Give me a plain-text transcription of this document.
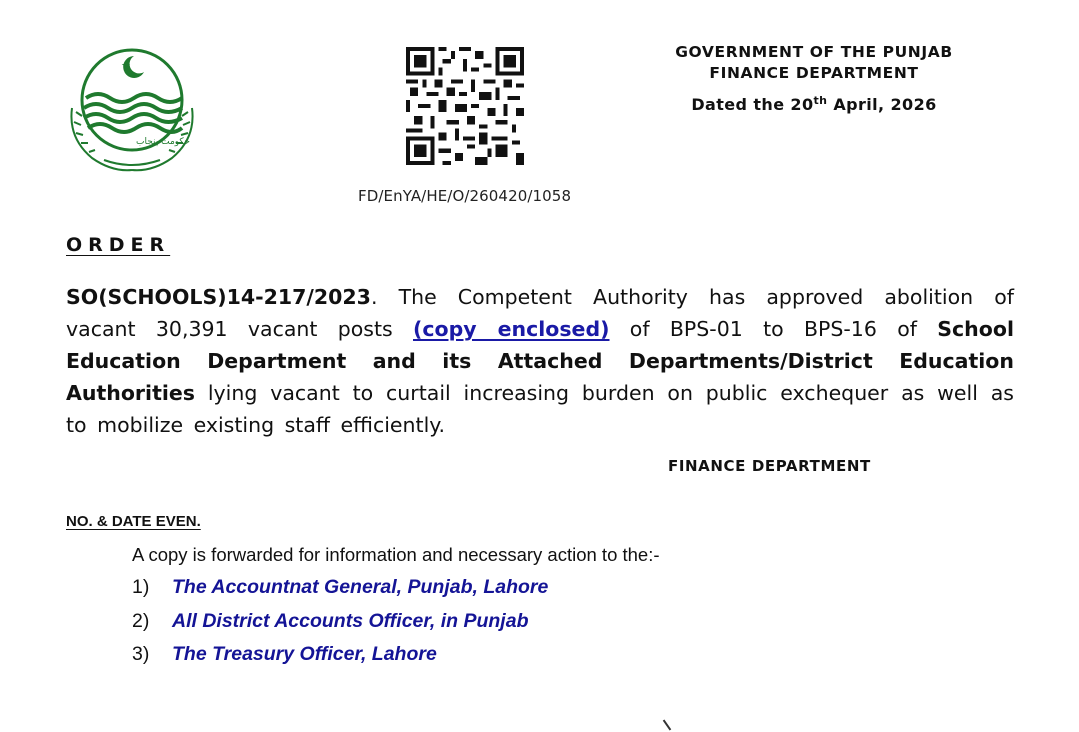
★
حکومت پنجاب
FD/EnYA/HE/O/260420/1058
GOVERNMENT OF THE PUNJAB
FINANCE DEPARTMENT
Dated the 20th April, 2026
ORDER
SO(SCHOOLS)14-217/2023. The Competent Authority has approved abolition of vacant 30,391 vacant posts (copy enclosed) of BPS-01 to BPS-16 of School Education Department and its Attached Departments/District Education Authorities lying vacant to curtail increasing burden on public exchequer as well as to mobilize existing staff efficiently.
FINANCE DEPARTMENT
NO. & DATE EVEN.
A copy is forwarded for information and necessary action to the:-
1)	The Accountnat General, Punjab, Lahore
2)	All District Accounts Officer, in Punjab
3)	The Treasury Officer, Lahore
